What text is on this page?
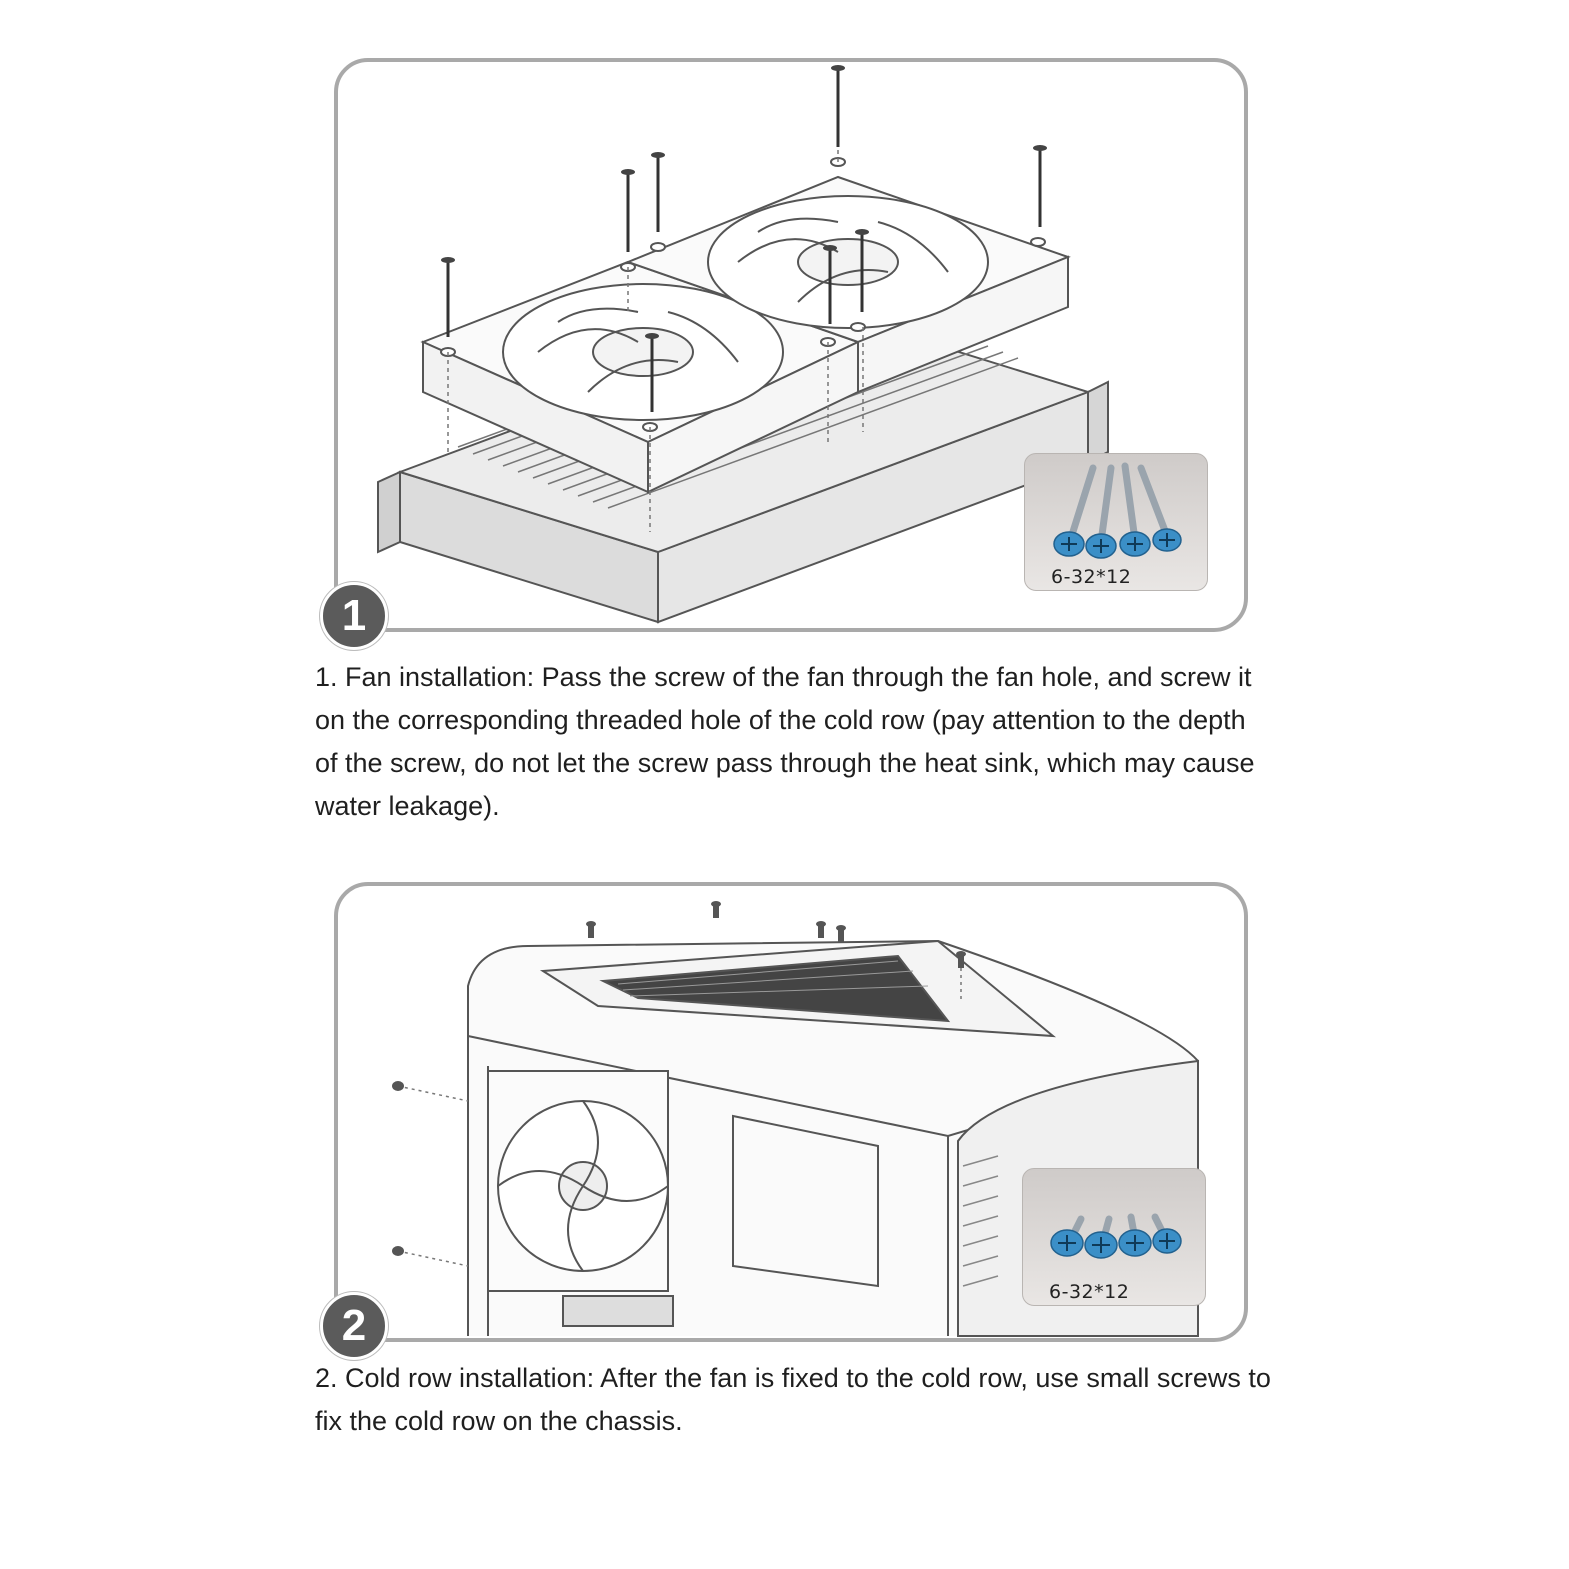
6-32*12
1

1. Fan installation: Pass the screw of the fan through the fan hole, and screw it on the corresponding threaded hole of the cold row (pay attention to the depth of the screw, do not let the screw pass through the heat sink, which may cause water leakage).

6-32*12
2

2. Cold row installation: After the fan is fixed to the cold row, use small screws to fix the cold row on the chassis.
